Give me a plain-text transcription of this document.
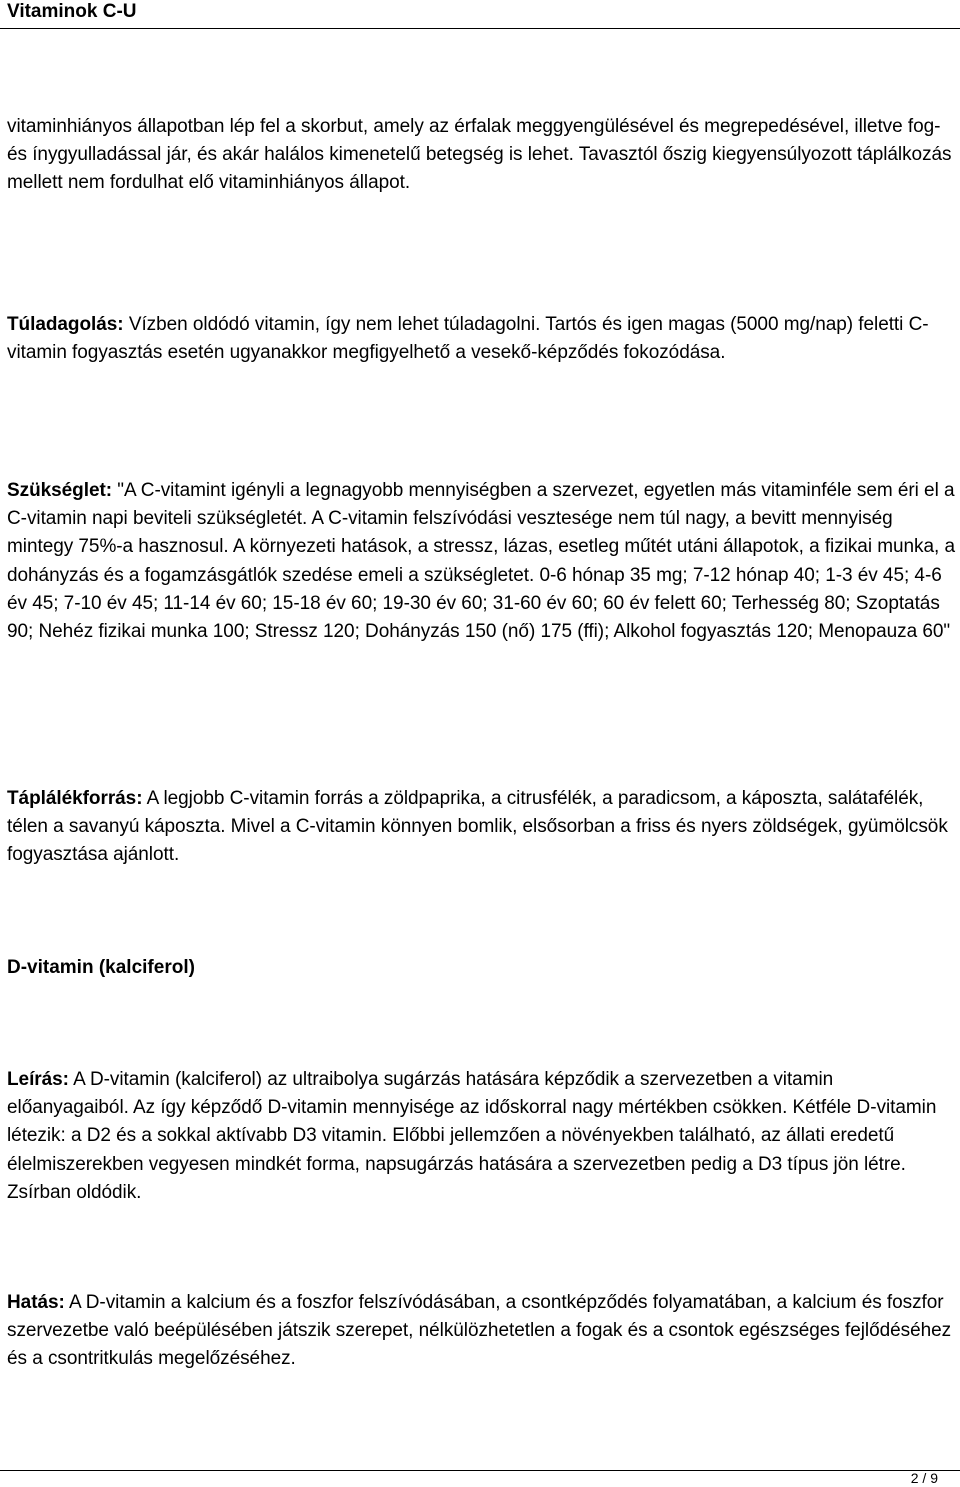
Vitaminok C-U

vitaminhiányos állapotban lép fel a skorbut, amely az érfalak meggyengülésével és megrepedésével, illetve fog- és ínygyulladással jár, és akár halálos kimenetelű betegség is lehet. Tavasztól őszig kiegyensúlyozott táplálkozás mellett nem fordulhat elő vitaminhiányos állapot.

Túladagolás: Vízben oldódó vitamin, így nem lehet túladagolni. Tartós és igen magas (5000 mg/nap) feletti C-vitamin fogyasztás esetén ugyanakkor megfigyelhető a vesekő-képződés fokozódása.

Szükséglet: "A C-vitamint igényli a legnagyobb mennyiségben a szervezet, egyetlen más vitaminféle sem éri el a C-vitamin napi beviteli szükségletét. A C-vitamin felszívódási vesztesége nem túl nagy, a bevitt mennyiség mintegy 75%-a hasznosul. A környezeti hatások, a stressz, lázas, esetleg műtét utáni állapotok, a fizikai munka, a dohányzás és a fogamzásgátlók szedése emeli a szükségletet. 0-6 hónap 35 mg; 7-12 hónap 40; 1-3 év 45; 4-6 év 45; 7-10 év 45; 11-14 év 60; 15-18 év 60; 19-30 év 60; 31-60 év 60; 60 év felett 60; Terhesség 80; Szoptatás 90; Nehéz fizikai munka 100; Stressz 120; Dohányzás 150 (nő) 175 (ffi); Alkohol fogyasztás 120; Menopauza 60"

Táplálékforrás: A legjobb C-vitamin forrás a zöldpaprika, a citrusfélék, a paradicsom, a káposzta, salátafélék, télen a savanyú káposzta. Mivel a C-vitamin könnyen bomlik, elsősorban a friss és nyers zöldségek, gyümölcsök fogyasztása ajánlott.

D-vitamin (kalciferol)

Leírás: A D-vitamin (kalciferol) az ultraibolya sugárzás hatására képződik a szervezetben a vitamin előanyagaiból. Az így képződő D-vitamin mennyisége az időskorral nagy mértékben csökken. Kétféle D-vitamin létezik: a D2 és a sokkal aktívabb D3 vitamin. Előbbi jellemzően a növényekben található, az állati eredetű élelmiszerekben vegyesen mindkét forma, napsugárzás hatására a szervezetben pedig a D3 típus jön létre. Zsírban oldódik.

Hatás: A D-vitamin a kalcium és a foszfor felszívódásában, a csontképződés folyamatában, a kalcium és foszfor szervezetbe való beépülésében játszik szerepet, nélkülözhetetlen a fogak és a csontok egészséges fejlődéséhez és a csontritkulás megelőzéséhez.

2 / 9
